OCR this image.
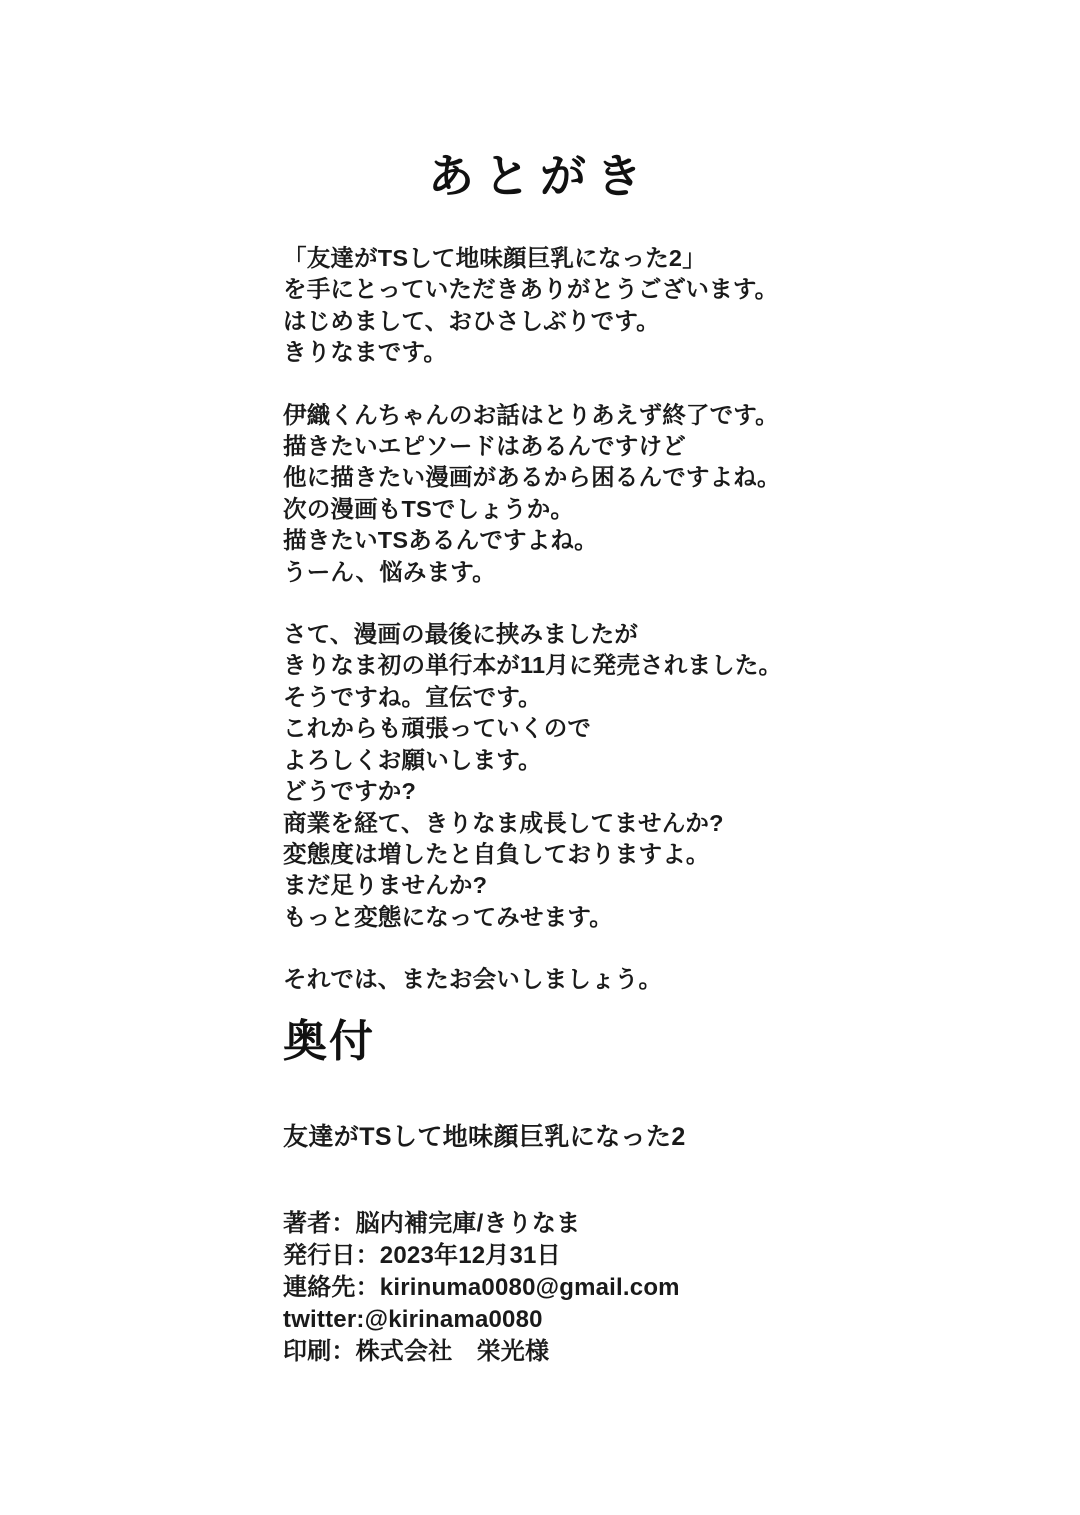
あとがき
「友達がTSして地味顔巨乳になった2」
を手にとっていただきありがとうございます。
はじめまして、おひさしぶりです。
きりなまです。
伊織くんちゃんのお話はとりあえず終了です。
描きたいエピソードはあるんですけど
他に描きたい漫画があるから困るんですよね。
次の漫画もTSでしょうか。
描きたいTSあるんですよね。
うーん、悩みます。
さて、漫画の最後に挟みましたが
きりなま初の単行本が11月に発売されました。
そうですね。宣伝です。
これからも頑張っていくので
よろしくお願いします。
どうですか?
商業を経て、きりなま成長してませんか?
変態度は増したと自負しておりますよ。
まだ足りませんか?
もっと変態になってみせます。
それでは、またお会いしましょう。
奥付
友達がTSして地味顔巨乳になった2
著者：脳内補完庫/きりなま
発行日：2023年12月31日
連絡先：kirinuma0080@gmail.com
twitter:@kirinama0080
印刷：株式会社　栄光様
